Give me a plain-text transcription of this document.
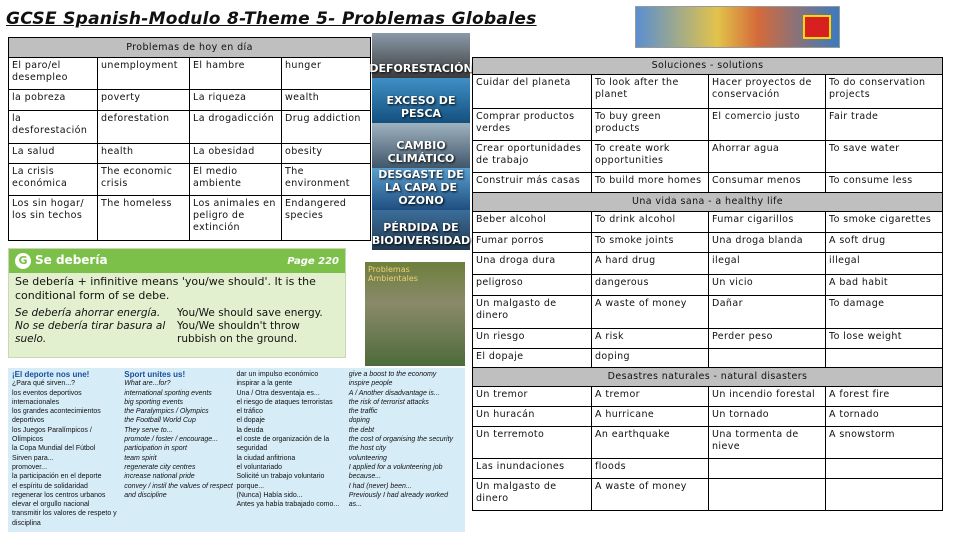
GCSE Spanish-Modulo 8-Theme 5- Problemas Globales
Problemas de hoy en día			
El paro/el desempleo	unemployment	El hambre	hunger
la pobreza	poverty	La riqueza	wealth
la desforestación	deforestation	La drogadicción	Drug addiction
La salud	health	La obesidad	obesity
La crisis económica	The economic crisis	El medio ambiente	The environment
Los sin hogar/ los sin techos	The homeless	Los animales en peligro de extinción	Endangered species
DEFORESTACIÓN
EXCESO DE PESCA
CAMBIO CLIMÁTICO
DESGASTE DE LA CAPA DE OZONO
PÉRDIDA DE BIODIVERSIDAD
Problemas Ambientales
Soluciones - solutions			
Cuidar del planeta	To look after the planet	Hacer proyectos de conservación	To do conservation projects
Comprar productos verdes	To buy green products	El comercio justo	Fair trade
Crear oportunidades de trabajo	To create work opportunities	Ahorrar agua	To save water
Construir más casas	To build more homes	Consumar menos	To consume less
Una vida sana - a healthy life			
Beber alcohol	To drink alcohol	Fumar cigarillos	To smoke cigarettes
Fumar porros	To smoke joints	Una droga blanda	A soft drug
Una droga dura	A hard drug	ilegal	illegal
peligroso	dangerous	Un vicio	A bad habit
Un malgasto de dinero	A waste of money	Dañar	To damage
Un riesgo	A risk	Perder peso	To lose weight
El dopaje	doping		
Desastres naturales - natural disasters			
Un tremor	A tremor	Un incendio forestal	A forest fire
Un huracán	A hurricane	Un tornado	A tornado
Un terremoto	An earthquake	Una tormenta de nieve	A snowstorm
Las inundaciones	floods		
Un malgasto de dinero	A waste of money		
G Se debería	Page 220

Se debería + infinitive means 'you/we should'. It is the conditional form of se debe.

Se debería ahorrar energía.
No se debería tirar basura al suelo.
You/We should save energy.
You/We shouldn't throw rubbish on the ground.
¡El deporte nos une!
¿Para qué sirven...?
los eventos deportivos internacionales
los grandes acontecimientos deportivos
los Juegos Paralímpicos / Olímpicos
la Copa Mundial del Fútbol
Sirven para...
promover...
la participación en el deporte
el espíritu de solidaridad
regenerar los centros urbanos
elevar el orgullo nacional
transmitir los valores de respeto y disciplina
Sport unites us!
What are...for?
international sporting events
big sporting events
the Paralympics / Olympics
the Football World Cup
They serve to...
promote / foster / encourage...
participation in sport
team spirit
regenerate city centres
increase national pride
convey / instil the values of respect and discipline
dar un impulso económico
inspirar a la gente
Una / Otra desventaja es...
el riesgo de ataques terroristas
el tráfico
el dopaje
la deuda
el coste de organización de la seguridad
la ciudad anfitriona
el voluntariado
Solicité un trabajo voluntario porque...
(Nunca) Había sido...
Antes ya había trabajado como...
give a boost to the economy
inspire people
A / Another disadvantage is...
the risk of terrorist attacks
the traffic
doping
the debt
the cost of organising the security
the host city
volunteering
I applied for a volunteering job because...
I had (never) been...
Previously I had already worked as...
